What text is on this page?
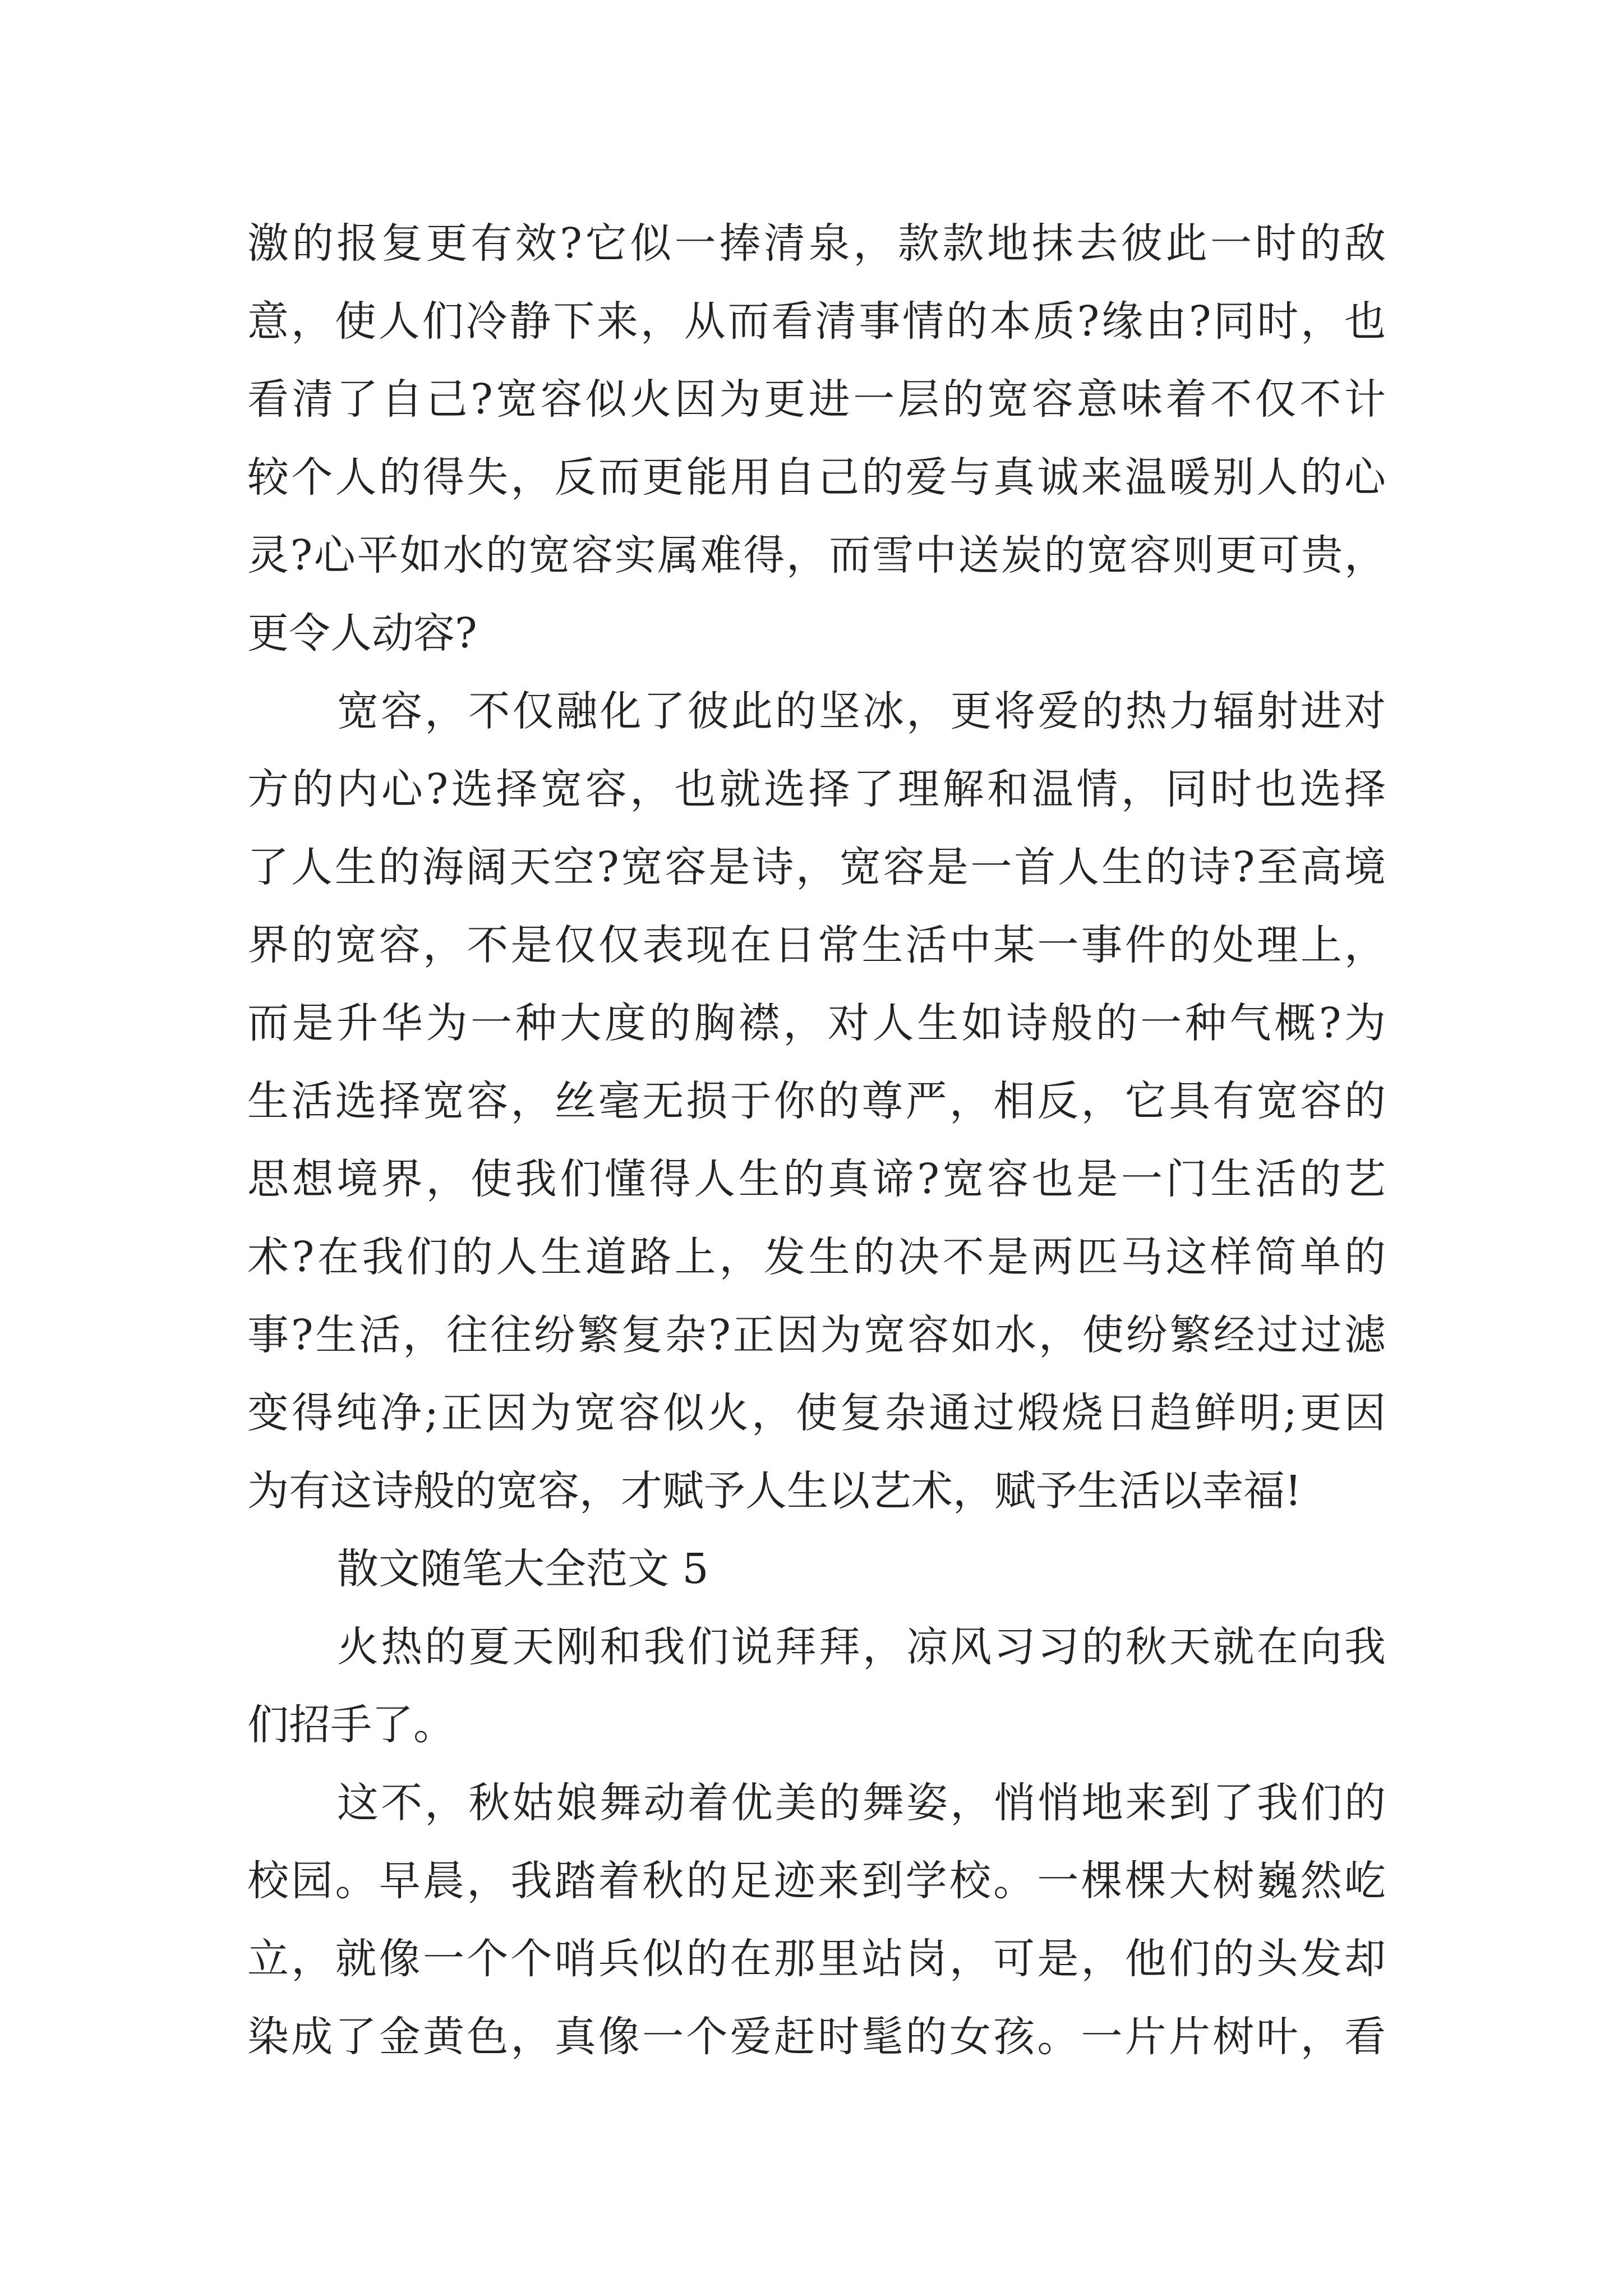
激的报复更有效?它似一捧清泉，款款地抹去彼此一时的敌
意，使人们冷静下来，从而看清事情的本质?缘由?同时，也
看清了自己?宽容似火因为更进一层的宽容意味着不仅不计
较个人的得失，反而更能用自己的爱与真诚来温暖别人的心
灵?心平如水的宽容实属难得，而雪中送炭的宽容则更可贵，
更令人动容?
宽容，不仅融化了彼此的坚冰，更将爱的热力辐射进对
方的内心?选择宽容，也就选择了理解和温情，同时也选择
了人生的海阔天空?宽容是诗，宽容是一首人生的诗?至高境
界的宽容，不是仅仅表现在日常生活中某一事件的处理上，
而是升华为一种大度的胸襟，对人生如诗般的一种气概?为
生活选择宽容，丝毫无损于你的尊严，相反，它具有宽容的
思想境界，使我们懂得人生的真谛?宽容也是一门生活的艺
术?在我们的人生道路上，发生的决不是两匹马这样简单的
事?生活，往往纷繁复杂?正因为宽容如水，使纷繁经过过滤
变得纯净;正因为宽容似火，使复杂通过煅烧日趋鲜明;更因
为有这诗般的宽容，才赋予人生以艺术，赋予生活以幸福!
散文随笔大全范文 5
火热的夏天刚和我们说拜拜，凉风习习的秋天就在向我
们招手了。
这不，秋姑娘舞动着优美的舞姿，悄悄地来到了我们的
校园。早晨，我踏着秋的足迹来到学校。一棵棵大树巍然屹
立，就像一个个哨兵似的在那里站岗，可是，他们的头发却
染成了金黄色，真像一个爱赶时髦的女孩。一片片树叶，看
